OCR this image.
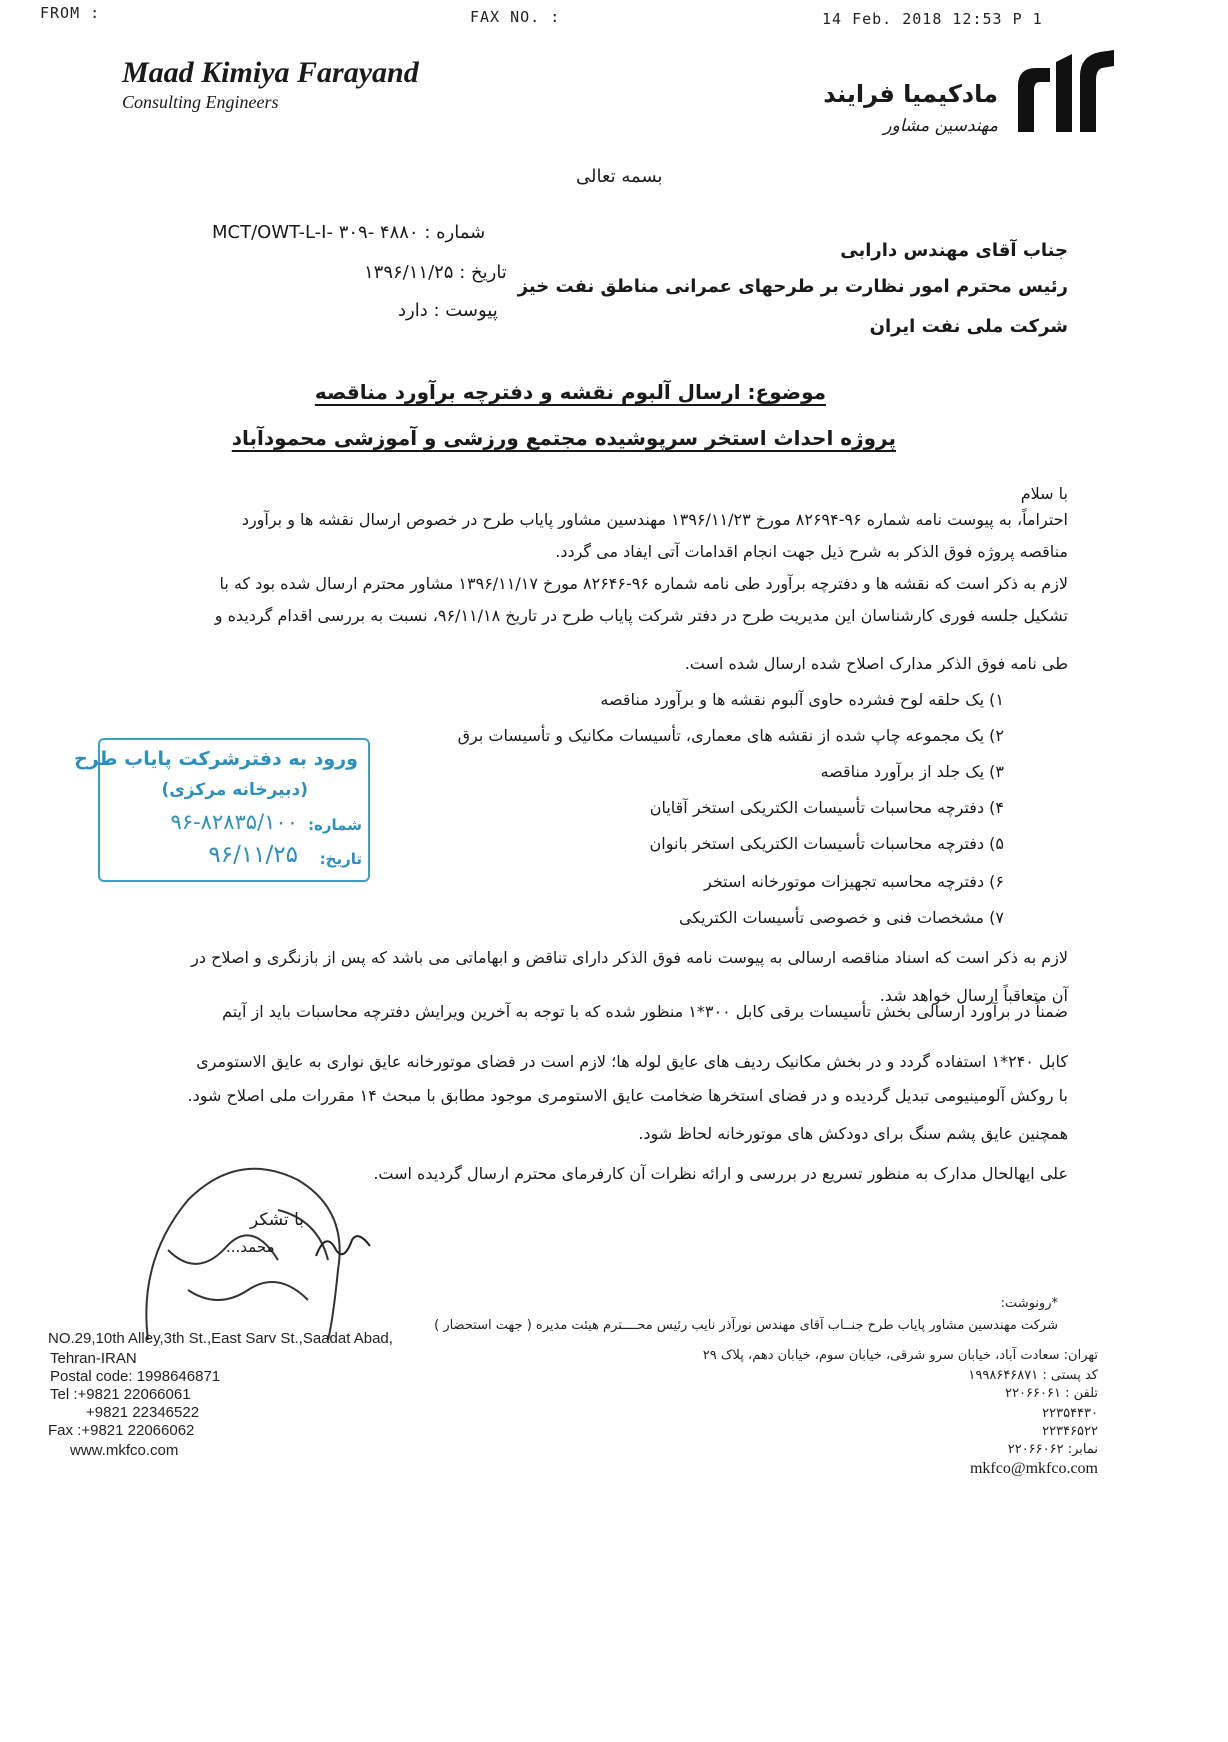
FROM :	FAX NO. :	14 Feb. 2018 12:53 P 1
Maad Kimiya Farayand
Consulting Engineers	مادکیمیا فرایند
مهندسین مشاور
بسمه تعالی
شماره : ۴۸۸۰ -MCT/OWT-L-I- ۳۰۹
تاریخ : ۱۳۹۶/۱۱/۲۵
پیوست : دارد
جناب آقای مهندس دارابی
رئیس محترم امور نظارت بر طرحهای عمرانی مناطق نفت خیز
شرکت ملی نفت ایران
موضوع: ارسال آلبوم نقشه و دفترچه برآورد مناقصه
پروژه احداث استخر سرپوشیده مجتمع ورزشی و آموزشی محمودآباد
با سلام
احتراماً، به پیوست نامه شماره ۹۶-۸۲۶۹۴ مورخ ۱۳۹۶/۱۱/۲۳ مهندسین مشاور پایاب طرح در خصوص ارسال نقشه ها و برآورد
مناقصه پروژه فوق الذکر به شرح ذیل جهت انجام اقدامات آتی ایفاد می گردد.
لازم به ذکر است که نقشه ها و دفترچه برآورد طی نامه شماره ۹۶-۸۲۶۴۶ مورخ ۱۳۹۶/۱۱/۱۷ مشاور محترم ارسال شده بود که با
تشکیل جلسه فوری کارشناسان این مدیریت طرح در دفتر شرکت پایاب طرح در تاریخ ۹۶/۱۱/۱۸، نسبت به بررسی اقدام گردیده و
طی نامه فوق الذکر مدارک اصلاح شده ارسال شده است.
۱) یک حلقه لوح فشرده حاوی آلبوم نقشه ها و برآورد مناقصه
۲) یک مجموعه چاپ شده از نقشه های معماری، تأسیسات مکانیک و تأسیسات برق
۳) یک جلد از برآورد مناقصه
۴) دفترچه محاسبات تأسیسات الکتریکی استخر آقایان
۵) دفترچه محاسبات تأسیسات الکتریکی استخر بانوان
۶) دفترچه محاسبه تجهیزات موتورخانه استخر
۷) مشخصات فنی و خصوصی تأسیسات الکتریکی
ورود به دفترشرکت پایاب طرح
(دبیرخانه مرکزی)
شماره:
۹۶-۸۲۸۳۵/۱۰۰
تاریخ:
۹۶/۱۱/۲۵
لازم به ذکر است که اسناد مناقصه ارسالی به پیوست نامه فوق الذکر دارای تناقض و ابهاماتی می باشد که پس از بازنگری و اصلاح در
آن متعاقباً ارسال خواهد شد.
ضمناً در برآورد ارسالی بخش تأسیسات برقی کابل ۳۰۰*۱ منظور شده که با توجه به آخرین ویرایش دفترچه محاسبات باید از آیتم
کابل ۲۴۰*۱ استفاده گردد و در بخش مکانیک ردیف های عایق لوله ها؛ لازم است در فضای موتورخانه عایق نواری به عایق الاستومری
با روکش آلومینیومی تبدیل گردیده و در فضای استخرها ضخامت عایق الاستومری موجود مطابق با مبحث ۱۴ مقررات ملی اصلاح شود.
همچنین عایق پشم سنگ برای دودکش های موتورخانه لحاظ شود.
علی ایهالحال مدارک به منظور تسریع در بررسی و ارائه نظرات آن کارفرمای محترم ارسال گردیده است.
با تشکر
محمد...
*رونوشت:
شرکت مهندسین مشاور پایاب طرح جنــاب آقای مهندس نورآذر نایب رئیس محــــترم هیئت مدیره ( جهت استحضار )
NO.29,10th Alley,3th St.,East Sarv St.,Saadat Abad,
Tehran-IRAN
Postal code: 1998646871
Tel :+9821 22066061
+9821 22346522
Fax :+9821 22066062
www.mkfco.com
تهران: سعادت آباد، خیابان سرو شرقی، خیابان سوم، خیابان دهم، پلاک ۲۹
کد پستی : ۱۹۹۸۶۴۶۸۷۱
تلفن : ۲۲۰۶۶۰۶۱
۲۲۳۵۴۴۳۰
۲۲۳۴۶۵۲۲
نمابر: ۲۲۰۶۶۰۶۲
mkfco@mkfco.com
